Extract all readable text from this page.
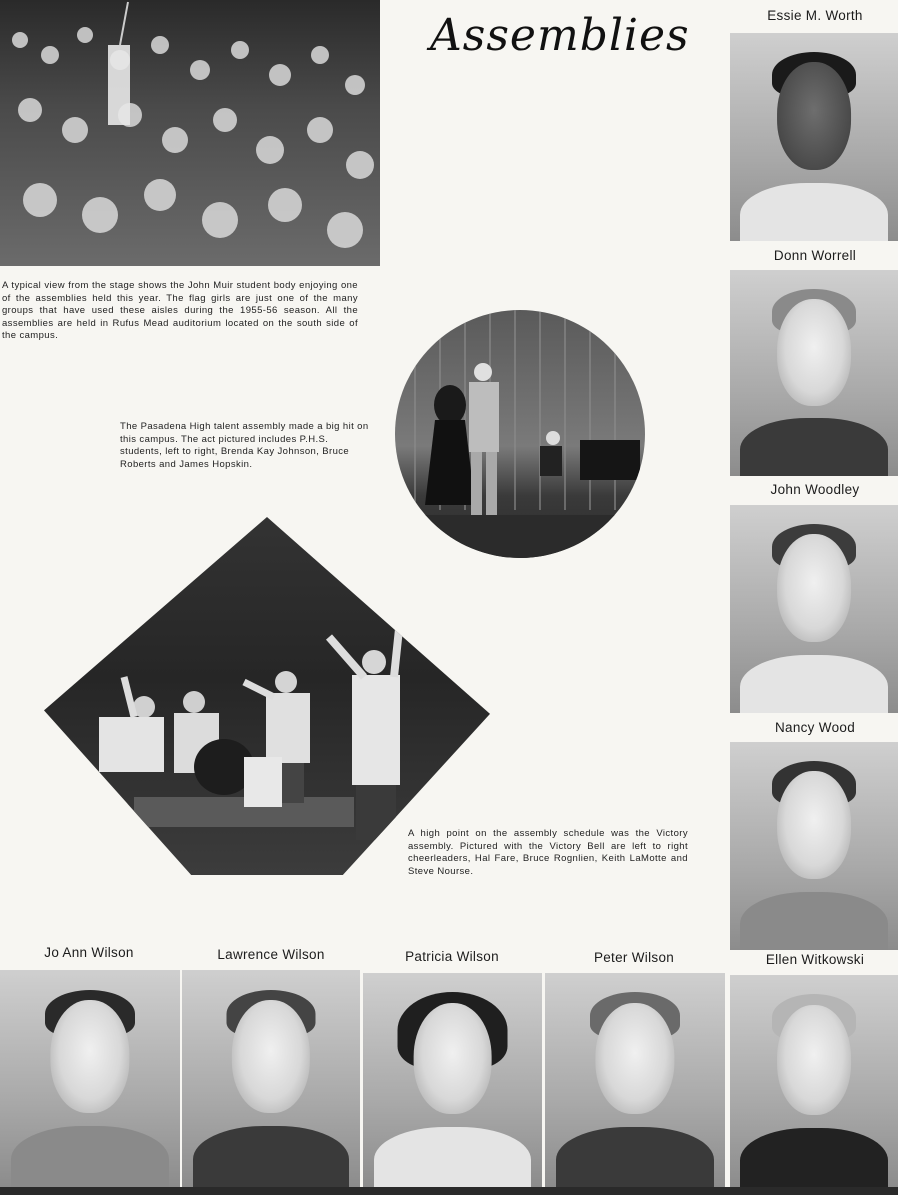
A typical view from the stage shows the John Muir student body enjoying one of the assemblies held this year. The flag girls are just one of the many groups that have used these aisles during the 1955-56 season. All the assemblies are held in Rufus Mead auditorium located on the south side of the campus.

Assemblies

The Pasadena High talent assembly made a big hit on this campus. The act pictured includes P.H.S. students, left to right, Brenda Kay Johnson, Bruce Roberts and James Hopskin.

A high point on the assembly schedule was the Victory assembly. Pictured with the Victory Bell are left to right cheerleaders, Hal Fare, Bruce Rognlien, Keith LaMotte and Steve Nourse.

Essie M. Worth
Donn Worrell
John Woodley
Nancy Wood
Ellen Witkowski
Jo Ann Wilson	Lawrence Wilson	Patricia Wilson	Peter Wilson
